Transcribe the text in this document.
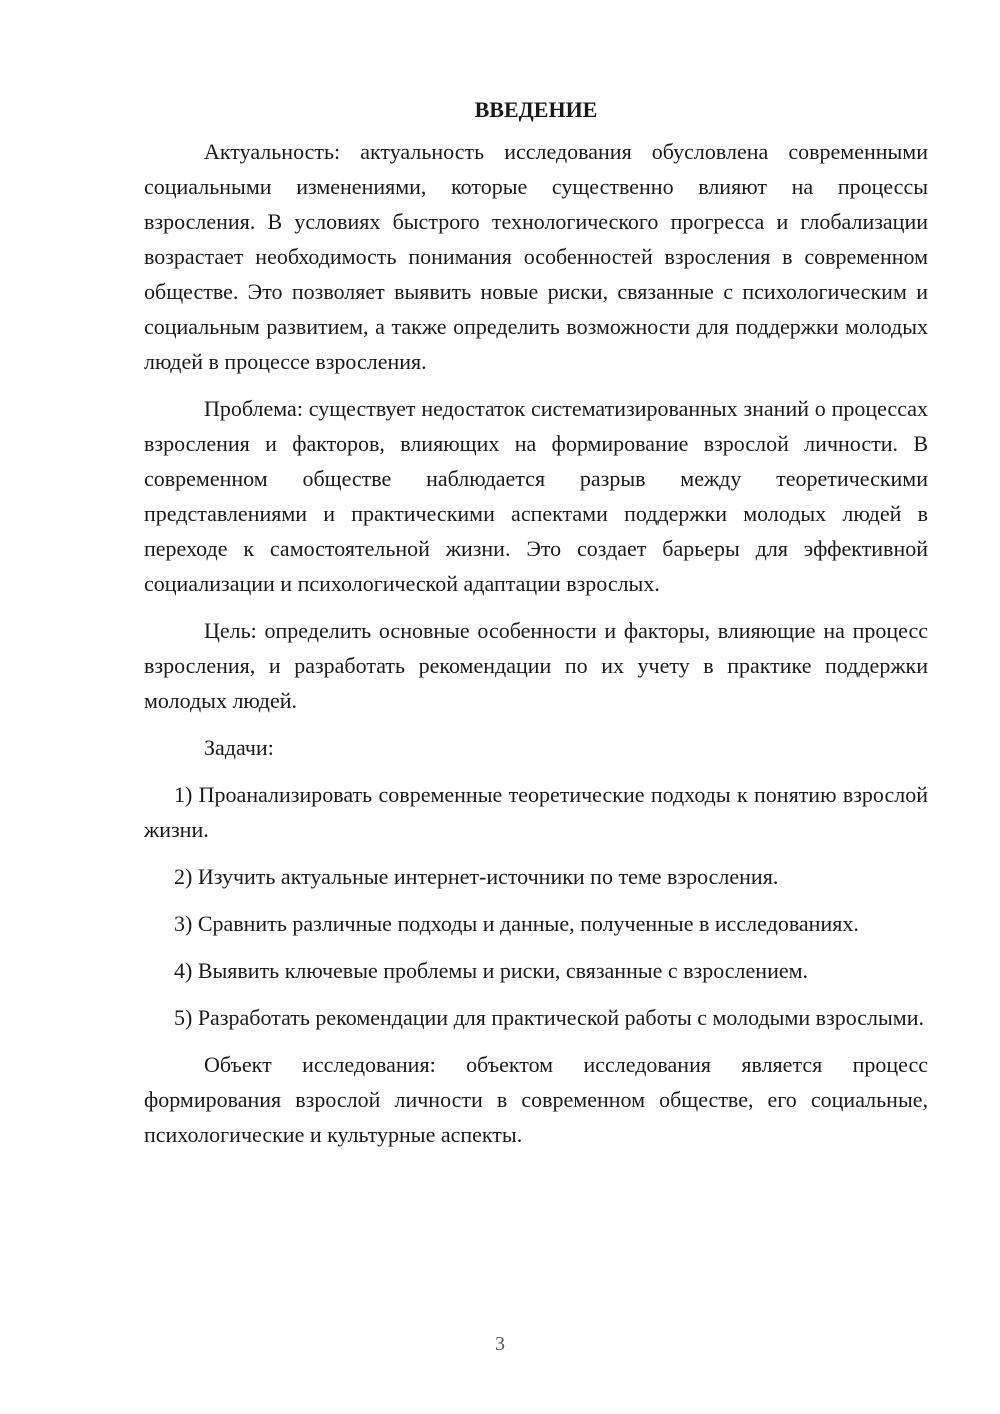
ВВЕДЕНИЕ

Актуальность: актуальность исследования обусловлена современными социальными изменениями, которые существенно влияют на процессы взросления. В условиях быстрого технологического прогресса и глобализации возрастает необходимость понимания особенностей взросления в современном обществе. Это позволяет выявить новые риски, связанные с психологическим и социальным развитием, а также определить возможности для поддержки молодых людей в процессе взросления.

Проблема: существует недостаток систематизированных знаний о процессах взросления и факторов, влияющих на формирование взрослой личности. В современном обществе наблюдается разрыв между теоретическими представлениями и практическими аспектами поддержки молодых людей в переходе к самостоятельной жизни. Это создает барьеры для эффективной социализации и психологической адаптации взрослых.

Цель: определить основные особенности и факторы, влияющие на процесс взросления, и разработать рекомендации по их учету в практике поддержки молодых людей.

Задачи:

1) Проанализировать современные теоретические подходы к понятию взрослой жизни.

2) Изучить актуальные интернет-источники по теме взросления.

3) Сравнить различные подходы и данные, полученные в исследованиях.

4) Выявить ключевые проблемы и риски, связанные с взрослением.

5) Разработать рекомендации для практической работы с молодыми взрослыми.

Объект исследования: объектом исследования является процесс формирования взрослой личности в современном обществе, его социальные, психологические и культурные аспекты.

3
